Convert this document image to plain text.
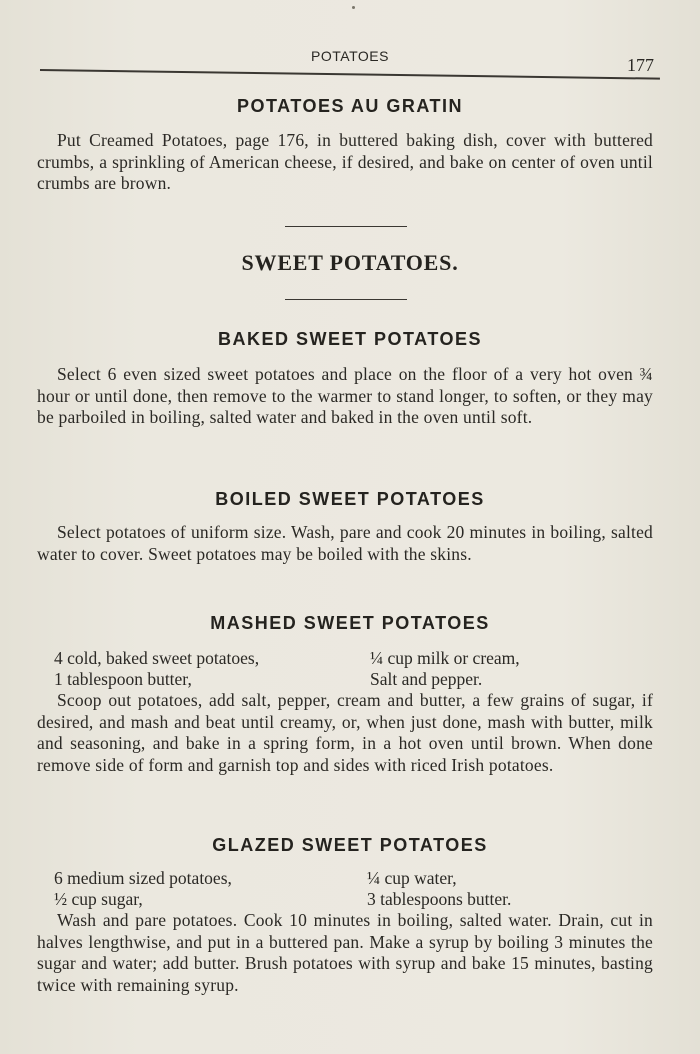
POTATOES	177
POTATOES AU GRATIN
Put Creamed Potatoes, page 176, in buttered baking dish, cover with buttered crumbs, a sprinkling of American cheese, if desired, and bake on center of oven until crumbs are brown.
SWEET POTATOES.
BAKED SWEET POTATOES
Select 6 even sized sweet potatoes and place on the floor of a very hot oven ¾ hour or until done, then remove to the warmer to stand longer, to soften, or they may be parboiled in boiling, salted water and baked in the oven until soft.
BOILED SWEET POTATOES
Select potatoes of uniform size. Wash, pare and cook 20 minutes in boiling, salted water to cover. Sweet potatoes may be boiled with the skins.
MASHED SWEET POTATOES
4 cold, baked sweet potatoes,	¼ cup milk or cream,
1 tablespoon butter,	Salt and pepper.
Scoop out potatoes, add salt, pepper, cream and butter, a few grains of sugar, if desired, and mash and beat until creamy, or, when just done, mash with butter, milk and seasoning, and bake in a spring form, in a hot oven until brown. When done remove side of form and garnish top and sides with riced Irish potatoes.
GLAZED SWEET POTATOES
6 medium sized potatoes,	¼ cup water,
½ cup sugar,	3 tablespoons butter.
Wash and pare potatoes. Cook 10 minutes in boiling, salted water. Drain, cut in halves lengthwise, and put in a buttered pan. Make a syrup by boiling 3 minutes the sugar and water; add butter. Brush potatoes with syrup and bake 15 minutes, basting twice with remaining syrup.
